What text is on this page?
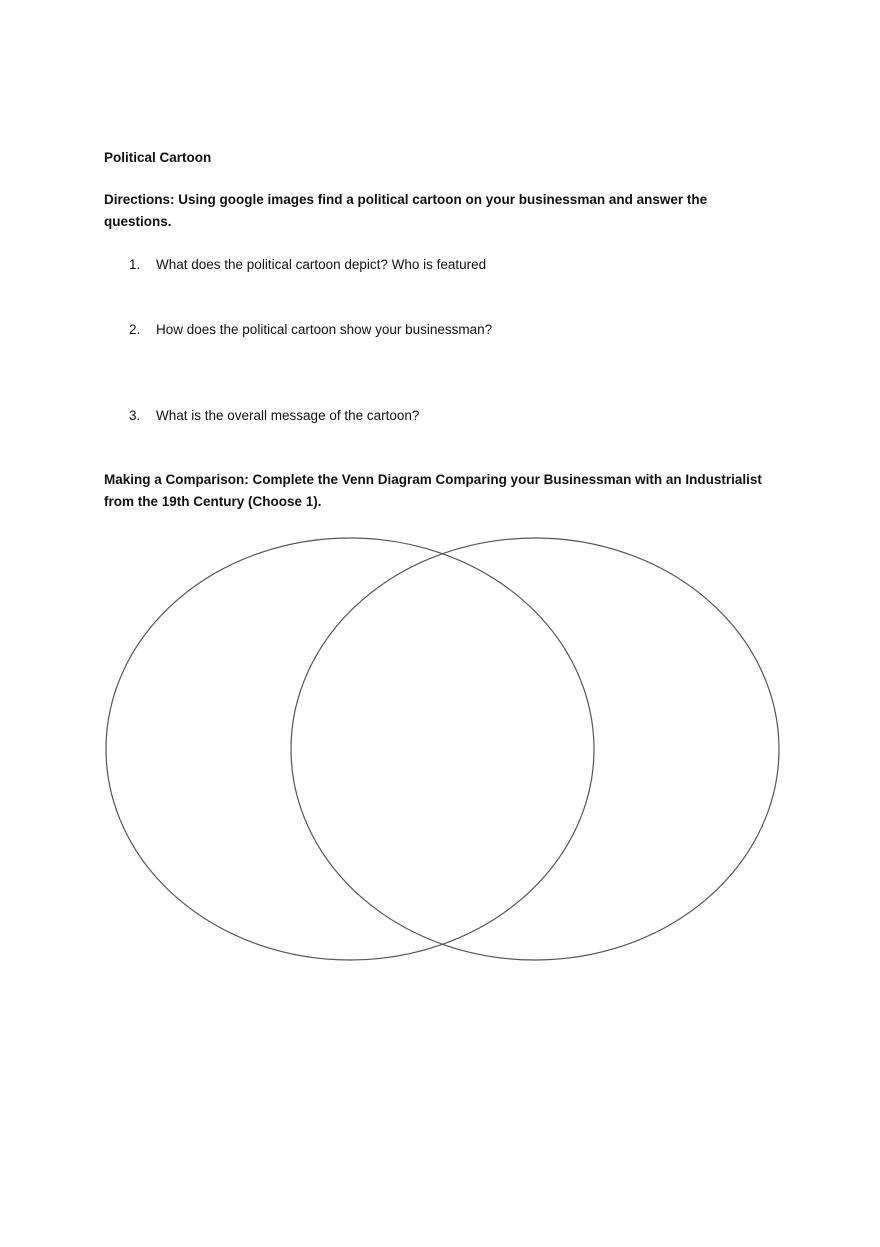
Political Cartoon
Directions: Using google images find a political cartoon on your businessman and answer the
questions.
1. What does the political cartoon depict? Who is featured
2. How does the political cartoon show your businessman?
3. What is the overall message of the cartoon?
Making a Comparison: Complete the Venn Diagram Comparing your Businessman with an Industrialist
from the 19th Century (Choose 1).
